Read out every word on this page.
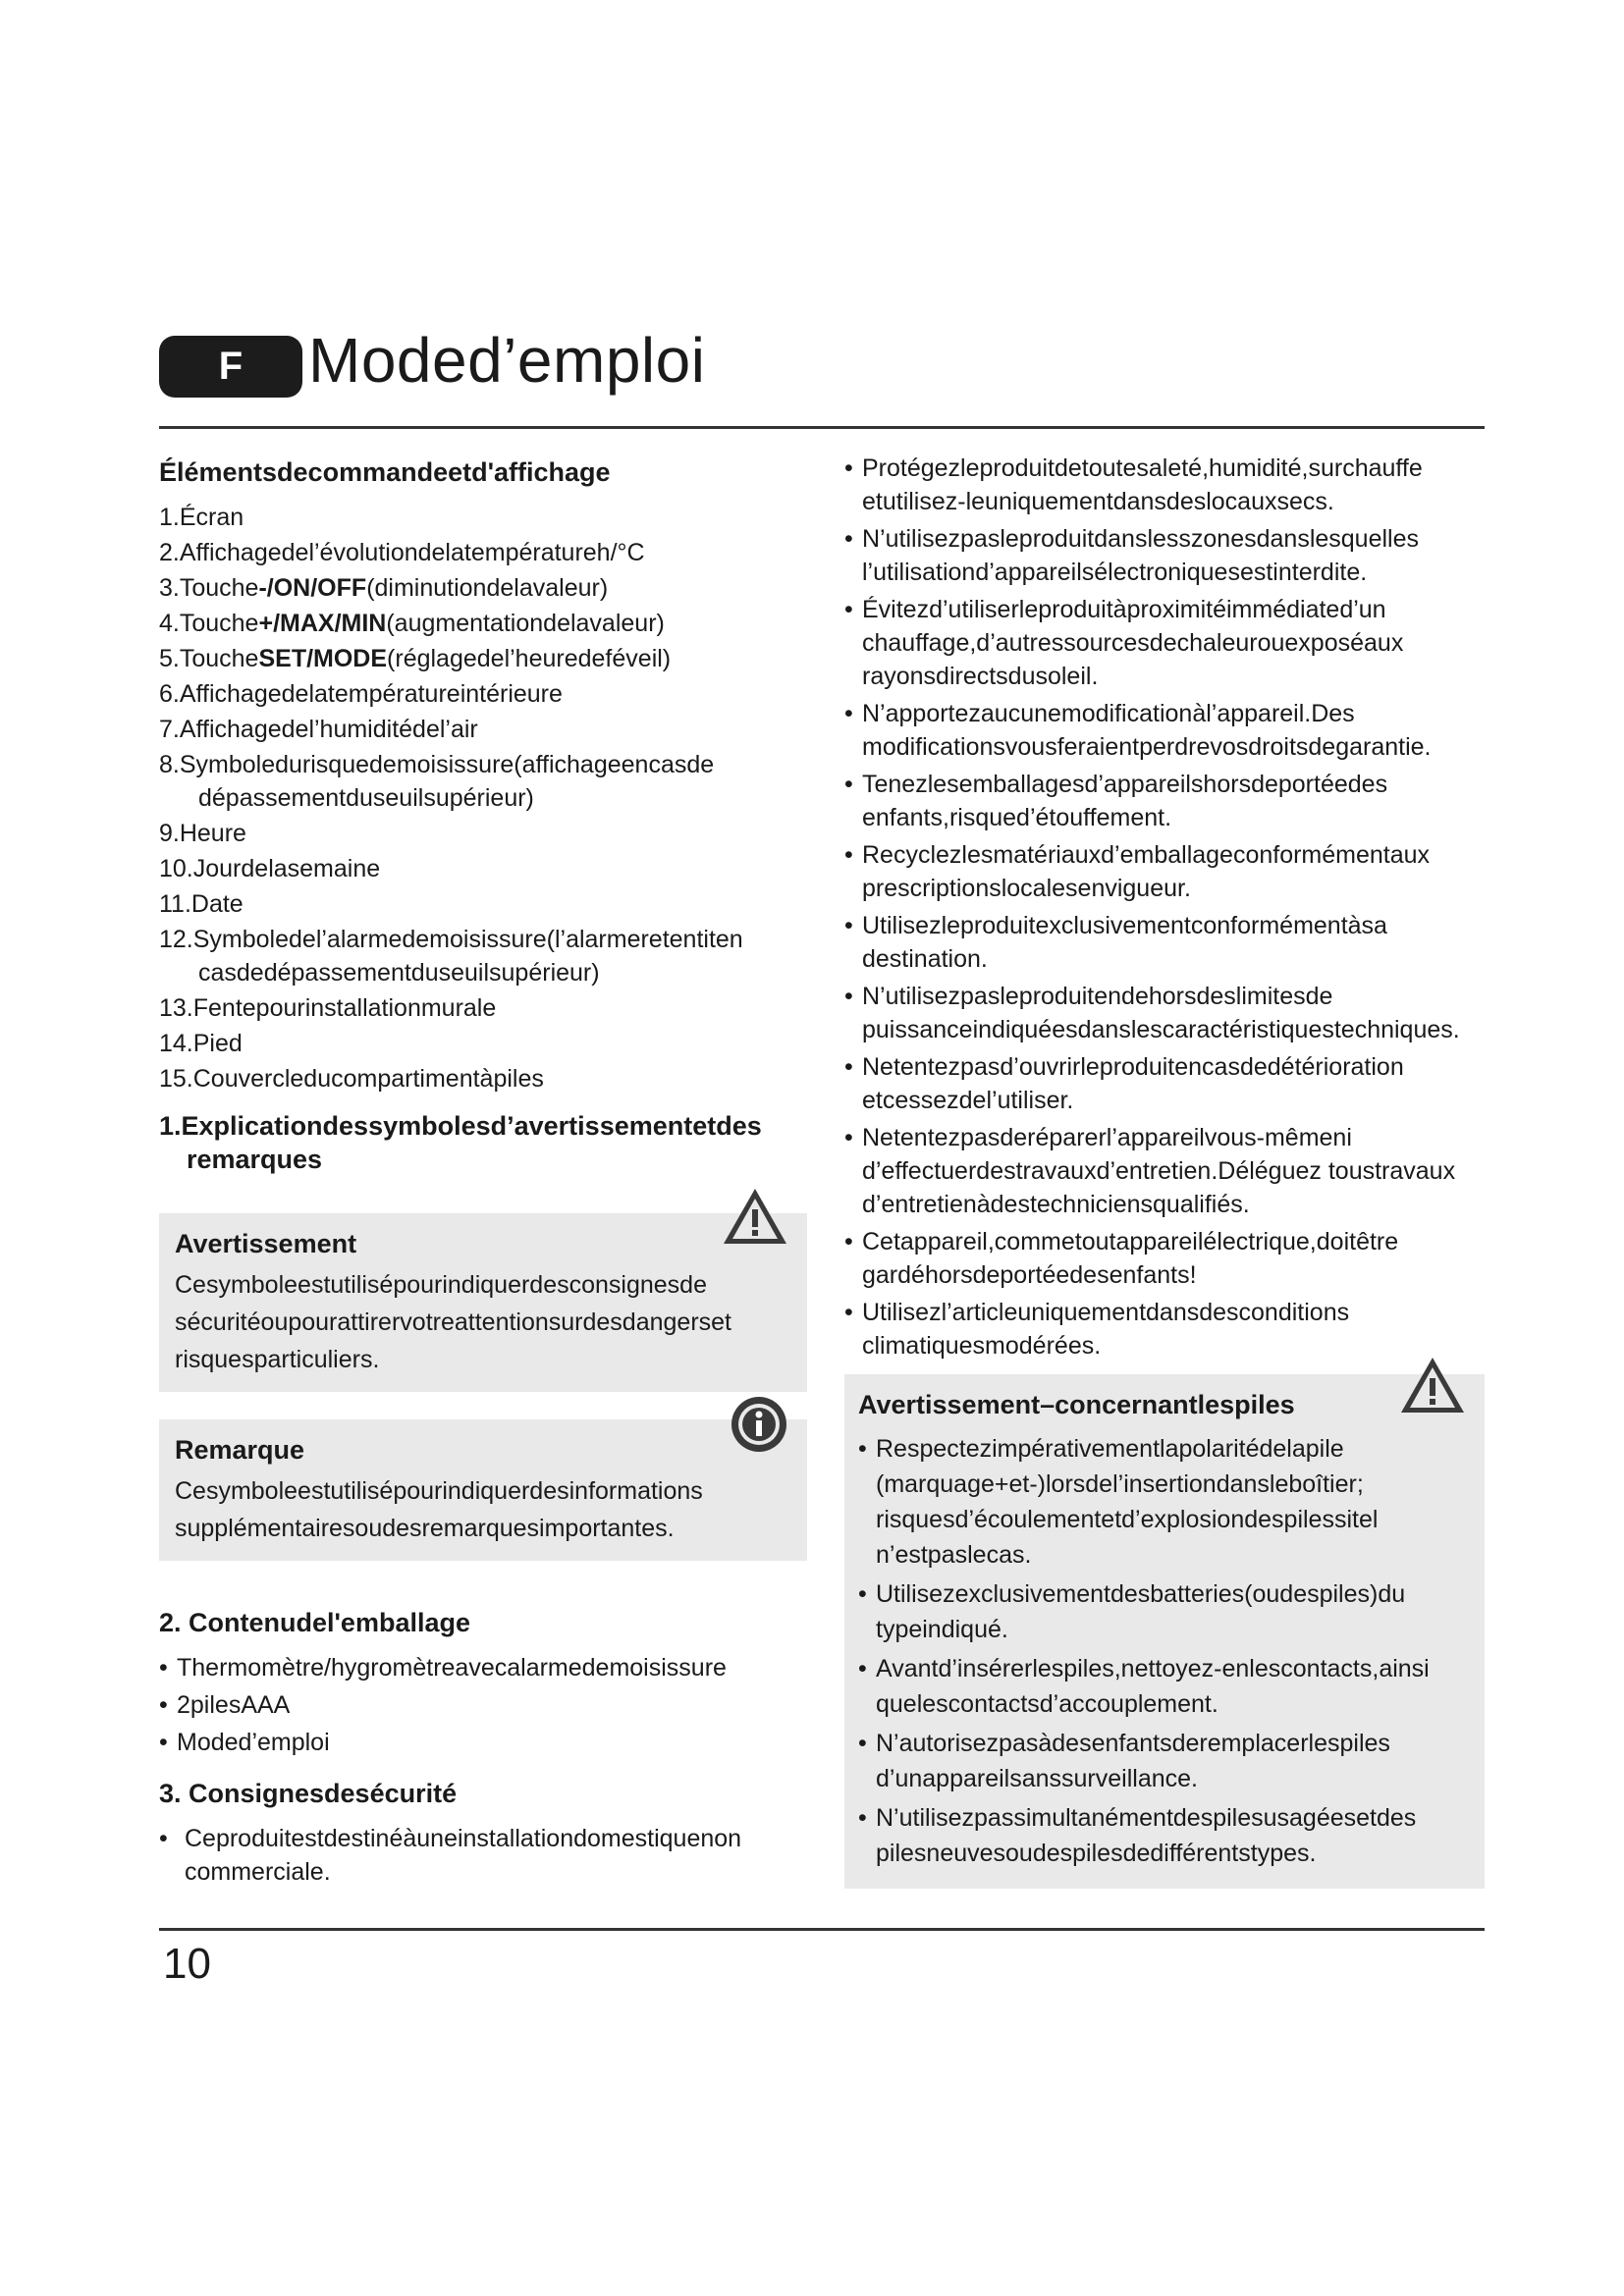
F	Moded’emploi
Élémentsdecommandeetd'affichage
1.Écran
2.Affichagedel’évolutiondelatempératureh/°C
3.Touche-/ON/OFF(diminutiondelavaleur)
4.Touche+/MAX/MIN(augmentationdelavaleur)
5.ToucheSET/MODE(réglagedel’heuredeféveil)
6.Affichagedelatempératureintérieure
7.Affichagedel’humiditédel’air
8.Symboledurisquedemoisissure(affichageencasde dépassementduseuilsupérieur)
9.Heure
10.Jourdelasemaine
11.Date
12.Symboledel’alarmedemoisissure(l’alarmeretentiten casdedépassementduseuilsupérieur)
13.Fentepourinstallationmurale
14.Pied
15.Couvercleducompartimentàpiles
1.Explicationdessymbolesd’avertissementetdes remarques
Avertissement
Cesymboleestutilisépourindiquerdesconsignesde sécuritéoupourattirervotreattentionsurdesdangerset risquesparticuliers.
Remarque
Cesymboleestutilisépourindiquerdesinformations supplémentairesoudesremarquesimportantes.
2. Contenudel'emballage
• Thermomètre/hygromètreavecalarmedemoisissure
• 2pilesAAA
• Moded’emploi
3. Consignesdesécurité
• Ceproduitestdestinéàuneinstallationdomestiquenon commerciale.
• Protégezleproduitdetoutesaleté,humidité,surchauffe etutilisez-leuniquementdansdeslocauxsecs.
• N’utilisezpasleproduitdanslesszonesdanslesquelles l’utilisationd’appareilsélectroniquesestinterdite.
• Évitezd’utiliserleproduitàproximitéimmédiated’un chauffage,d’autressourcesdechaleurouexposéaux rayonsdirectsdusoleil.
• N’apportezaucunemodificationàl’appareil.Des modificationsvousferaientperdrevosdroitsdegarantie.
• Tenezlesemballagesd’appareilshorsdeportéedes enfants,risqued’étouffement.
• Recyclezlesmatériauxd’emballageconformémentaux prescriptionslocalesenvigueur.
• Utilisezleproduitexclusivementconformémentàsa destination.
• N’utilisezpasleproduitendehorsdeslimitesde puissanceindiquéesdanslescaractéristiquestechniques.
• Netentezpasd’ouvrirleproduitencasdedétérioration etcessezdel’utiliser.
• Netentezpasderéparerl’appareilvous-mêmeni d’effectuerdestravauxd’entretien.Déléguez toustravaux d’entretienàdestechniciensqualifiés.
• Cetappareil,commetoutappareilélectrique,doitêtre gardéhorsdeportéedesenfants!
• Utilisezl’articleuniquementdansdesconditions climatiquesmodérées.
Avertissement–concernantlespiles
• Respectezimpérativementlapolaritédelapile (marquage+et-)lorsdel’insertiondansleboîtier; risquesd’écoulementetd’explosiondespilessitel n’estpaslecas.
• Utilisezexclusivementdesbatteries(oudespiles)du typeindiqué.
• Avantd’insérerlespiles,nettoyez-enlescontacts,ainsi quelescontactsd’accouplement.
• N’autorisezpasàdesenfantsderemplacerlespiles d’unappareilsanssurveillance.
• N’utilisezpassimultanémentdespilesusagéesetdes pilesneuvesoudespilesdedifférentstypes.
10
